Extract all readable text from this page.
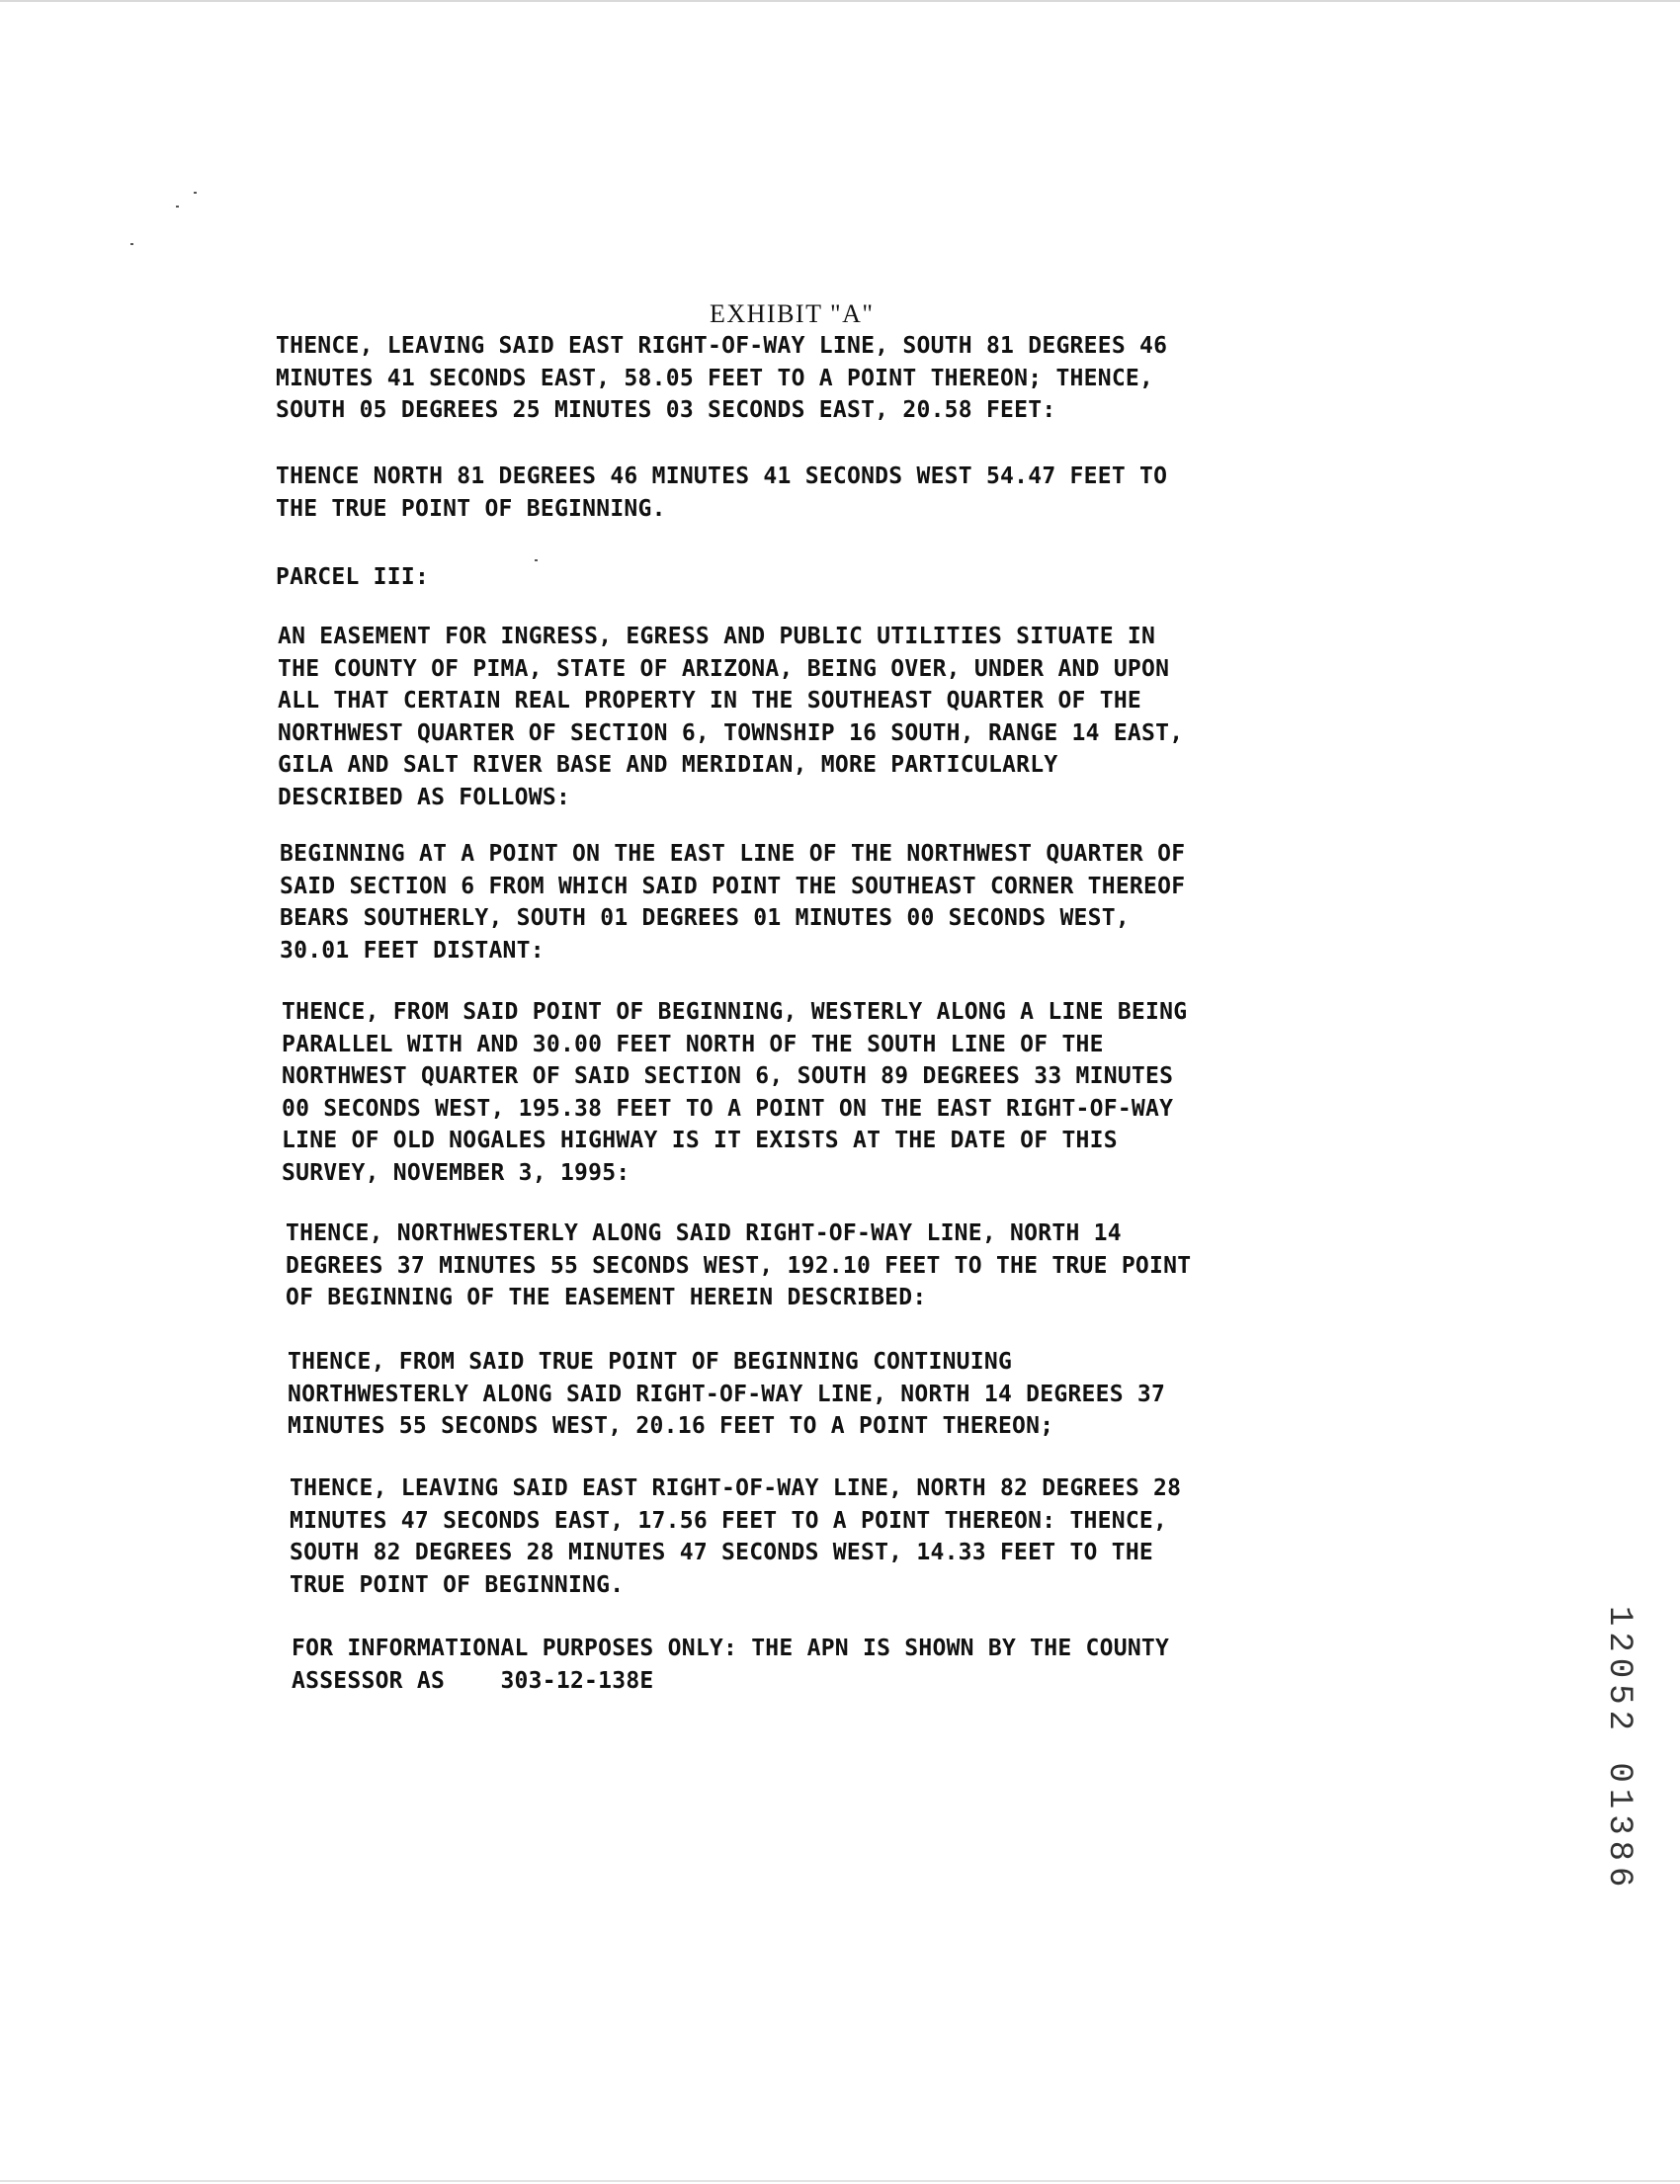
EXHIBIT "A"
THENCE, LEAVING SAID EAST RIGHT-OF-WAY LINE, SOUTH 81 DEGREES 46
MINUTES 41 SECONDS EAST, 58.05 FEET TO A POINT THEREON; THENCE,
SOUTH 05 DEGREES 25 MINUTES 03 SECONDS EAST, 20.58 FEET:
THENCE NORTH 81 DEGREES 46 MINUTES 41 SECONDS WEST 54.47 FEET TO
THE TRUE POINT OF BEGINNING.
PARCEL III:
AN EASEMENT FOR INGRESS, EGRESS AND PUBLIC UTILITIES SITUATE IN
THE COUNTY OF PIMA, STATE OF ARIZONA, BEING OVER, UNDER AND UPON
ALL THAT CERTAIN REAL PROPERTY IN THE SOUTHEAST QUARTER OF THE
NORTHWEST QUARTER OF SECTION 6, TOWNSHIP 16 SOUTH, RANGE 14 EAST,
GILA AND SALT RIVER BASE AND MERIDIAN, MORE PARTICULARLY
DESCRIBED AS FOLLOWS:
BEGINNING AT A POINT ON THE EAST LINE OF THE NORTHWEST QUARTER OF
SAID SECTION 6 FROM WHICH SAID POINT THE SOUTHEAST CORNER THEREOF
BEARS SOUTHERLY, SOUTH 01 DEGREES 01 MINUTES 00 SECONDS WEST,
30.01 FEET DISTANT:
THENCE, FROM SAID POINT OF BEGINNING, WESTERLY ALONG A LINE BEING
PARALLEL WITH AND 30.00 FEET NORTH OF THE SOUTH LINE OF THE
NORTHWEST QUARTER OF SAID SECTION 6, SOUTH 89 DEGREES 33 MINUTES
00 SECONDS WEST, 195.38 FEET TO A POINT ON THE EAST RIGHT-OF-WAY
LINE OF OLD NOGALES HIGHWAY IS IT EXISTS AT THE DATE OF THIS
SURVEY, NOVEMBER 3, 1995:
THENCE, NORTHWESTERLY ALONG SAID RIGHT-OF-WAY LINE, NORTH 14
DEGREES 37 MINUTES 55 SECONDS WEST, 192.10 FEET TO THE TRUE POINT
OF BEGINNING OF THE EASEMENT HEREIN DESCRIBED:
THENCE, FROM SAID TRUE POINT OF BEGINNING CONTINUING
NORTHWESTERLY ALONG SAID RIGHT-OF-WAY LINE, NORTH 14 DEGREES 37
MINUTES 55 SECONDS WEST, 20.16 FEET TO A POINT THEREON;
THENCE, LEAVING SAID EAST RIGHT-OF-WAY LINE, NORTH 82 DEGREES 28
MINUTES 47 SECONDS EAST, 17.56 FEET TO A POINT THEREON: THENCE,
SOUTH 82 DEGREES 28 MINUTES 47 SECONDS WEST, 14.33 FEET TO THE
TRUE POINT OF BEGINNING.
FOR INFORMATIONAL PURPOSES ONLY: THE APN IS SHOWN BY THE COUNTY
ASSESSOR AS    303-12-138E	12052 01386
